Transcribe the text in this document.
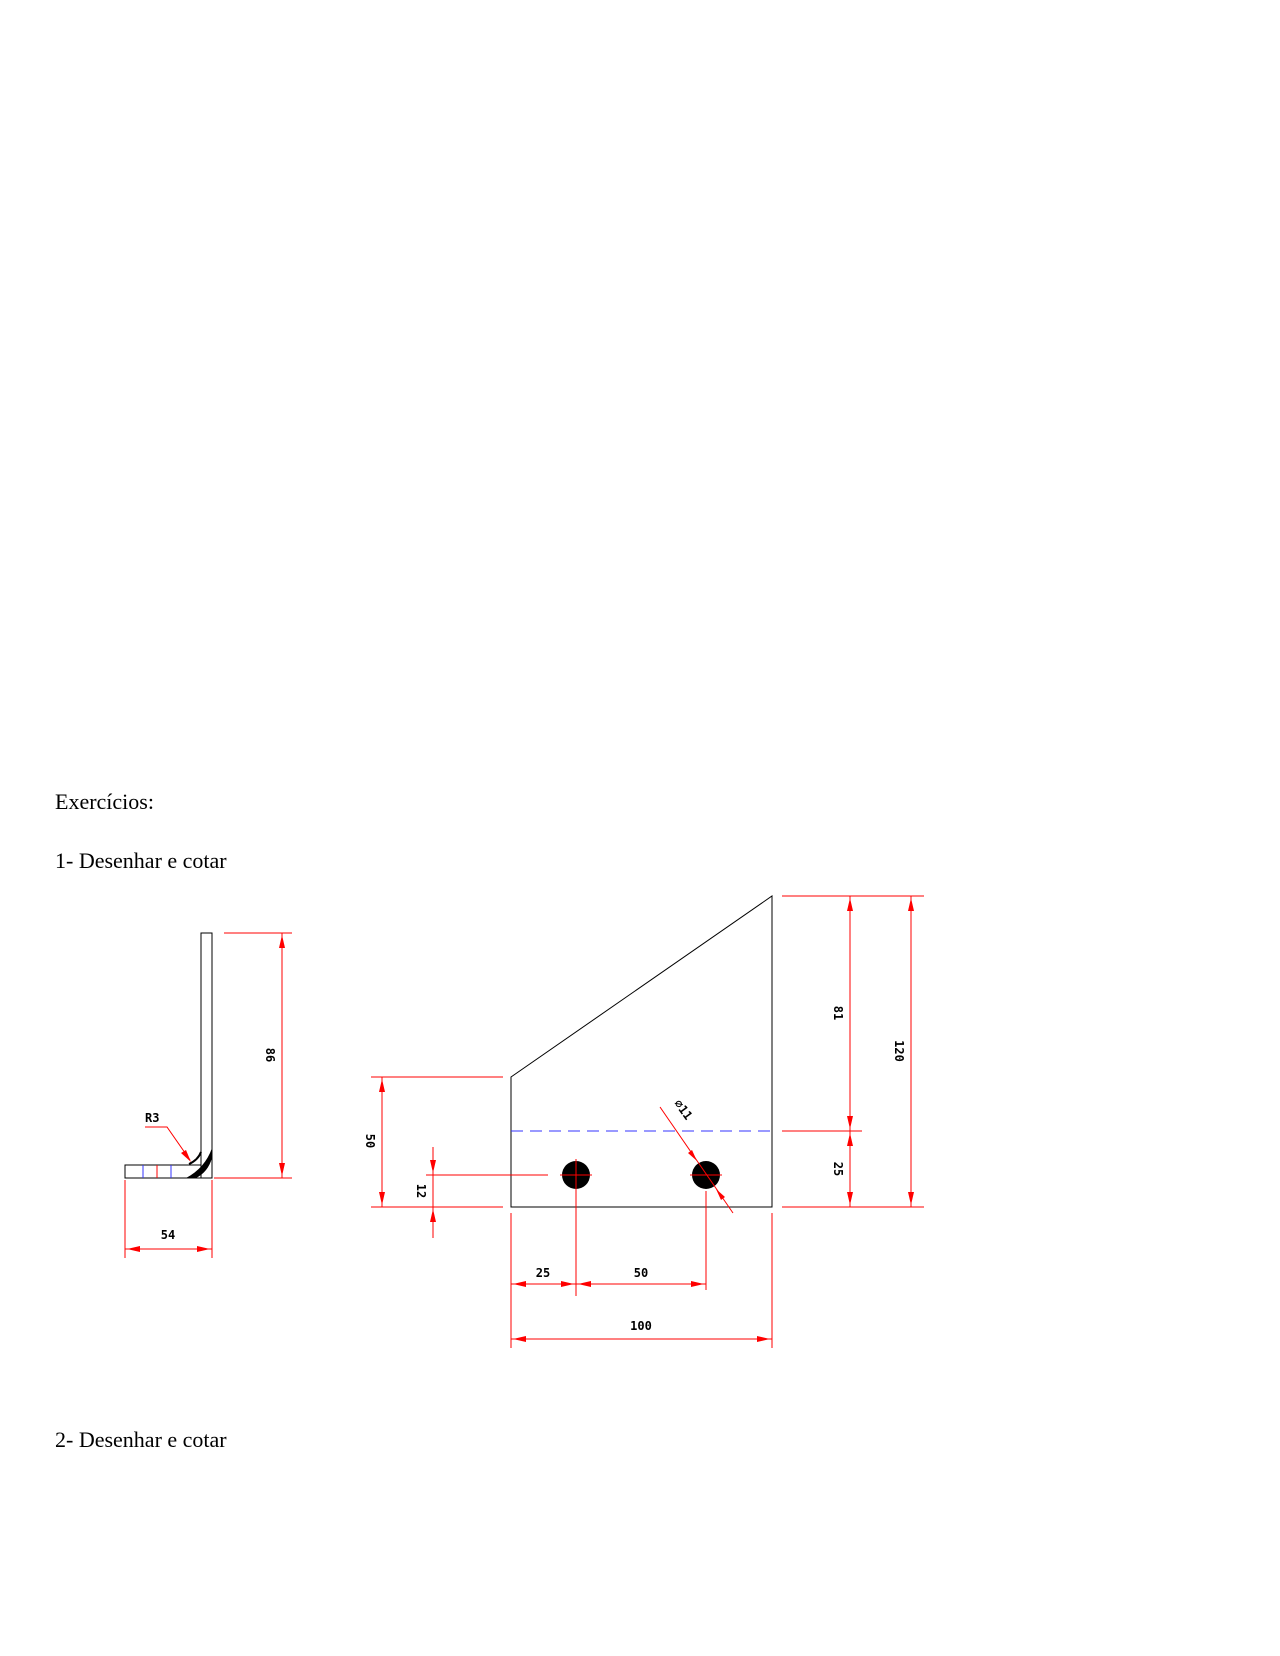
Exercícios:
1- Desenhar e cotar
2- Desenhar e cotar
86
54
R3	⌀11
50
12
25	50
100
81
25
120
